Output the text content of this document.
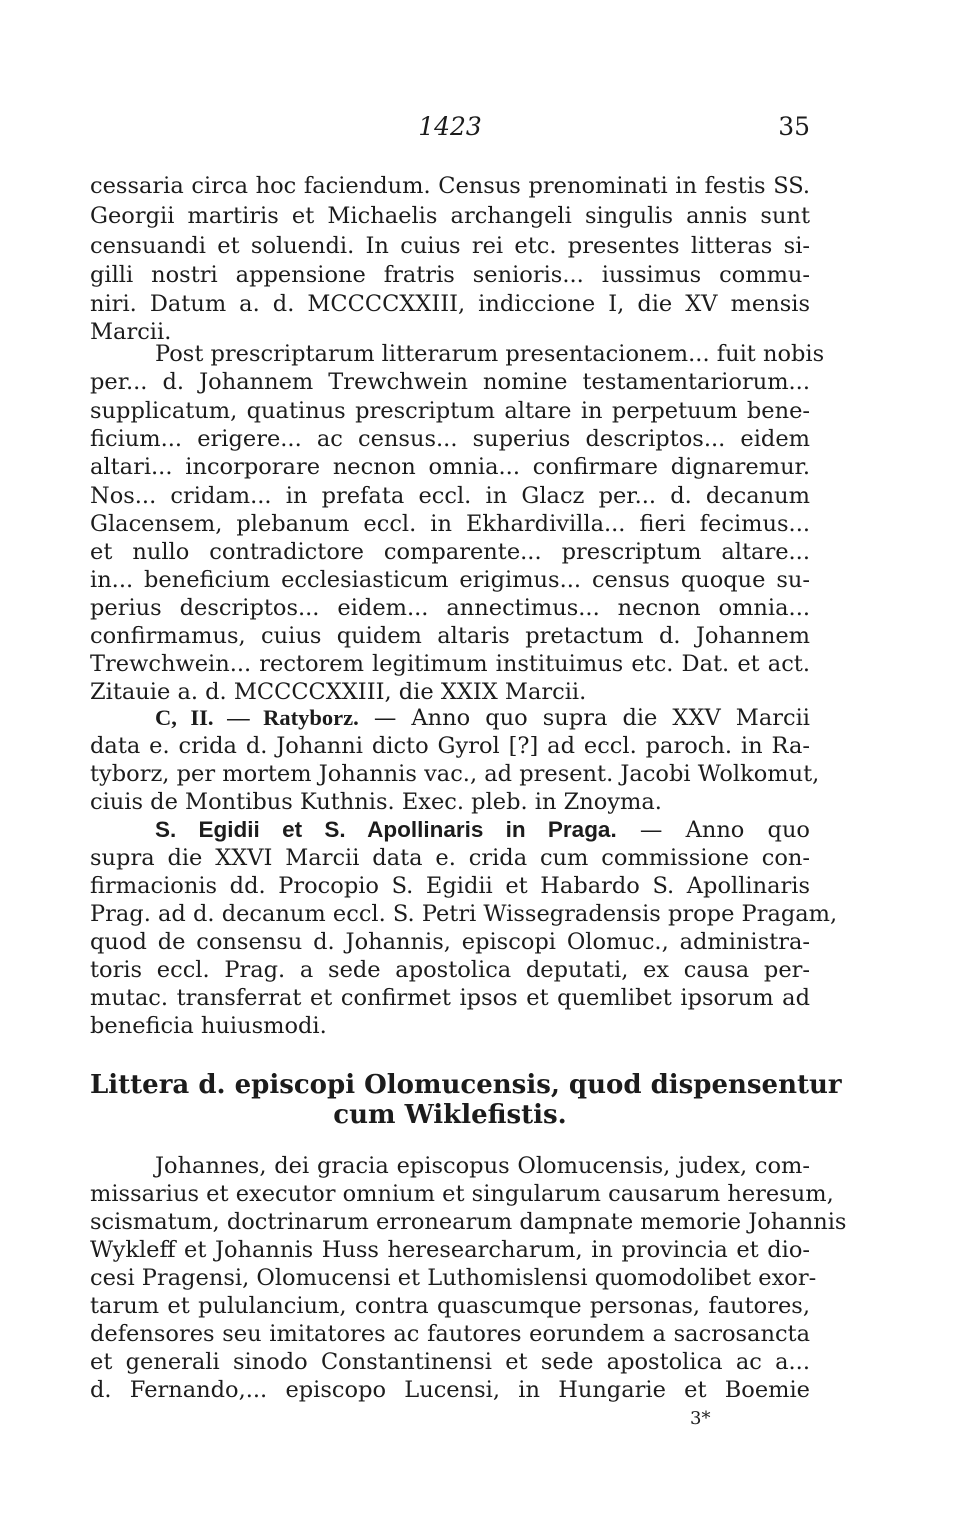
1423	35
cessaria circa hoc faciendum. Census prenominati in festis SS.
Georgii martiris et Michaelis archangeli singulis annis sunt
censuandi et soluendi. In cuius rei etc. presentes litteras si-
gilli nostri appensione fratris senioris... iussimus commu-
niri. Datum a. d. MCCCCXXIII, indiccione I, die XV mensis
Marcii.
Post prescriptarum litterarum presentacionem... fuit nobis
per... d. Johannem Trewchwein nomine testamentariorum...
supplicatum, quatinus prescriptum altare in perpetuum bene-
ficium... erigere... ac census... superius descriptos... eidem
altari... incorporare necnon omnia... confirmare dignaremur.
Nos... cridam... in prefata eccl. in Glacz per... d. decanum
Glacensem, plebanum eccl. in Ekhardivilla... fieri fecimus...
et nullo contradictore comparente... prescriptum altare...
in... beneficium ecclesiasticum erigimus... census quoque su-
perius descriptos... eidem... annectimus... necnon omnia...
confirmamus, cuius quidem altaris pretactum d. Johannem
Trewchwein... rectorem legitimum instituimus etc. Dat. et act.
Zitauie a. d. MCCCCXXIII, die XXIX Marcii.
C, II. — Ratyborz. — Anno quo supra die XXV Marcii
data e. crida d. Johanni dicto Gyrol [?] ad eccl. paroch. in Ra-
tyborz, per mortem Johannis vac., ad present. Jacobi Wolkomut,
ciuis de Montibus Kuthnis. Exec. pleb. in Znoyma.
S. Egidii et S. Apollinaris in Praga. — Anno quo
supra die XXVI Marcii data e. crida cum commissione con-
firmacionis dd. Procopio S. Egidii et Habardo S. Apollinaris
Prag. ad d. decanum eccl. S. Petri Wissegradensis prope Pragam,
quod de consensu d. Johannis, episcopi Olomuc., administra-
toris eccl. Prag. a sede apostolica deputati, ex causa per-
mutac. transferrat et confirmet ipsos et quemlibet ipsorum ad
beneficia huiusmodi.
Littera d. episcopi Olomucensis, quod dispensentur
cum Wiklefistis.
Johannes, dei gracia episcopus Olomucensis, judex, com-
missarius et executor omnium et singularum causarum heresum,
scismatum, doctrinarum erronearum dampnate memorie Johannis
Wykleff et Johannis Huss heresearcharum, in provincia et dio-
cesi Pragensi, Olomucensi et Luthomislensi quomodolibet exor-
tarum et pululancium, contra quascumque personas, fautores,
defensores seu imitatores ac fautores eorundem a sacrosancta
et generali sinodo Constantinensi et sede apostolica ac a...
d. Fernando,... episcopo Lucensi, in Hungarie et Boemie
3*
